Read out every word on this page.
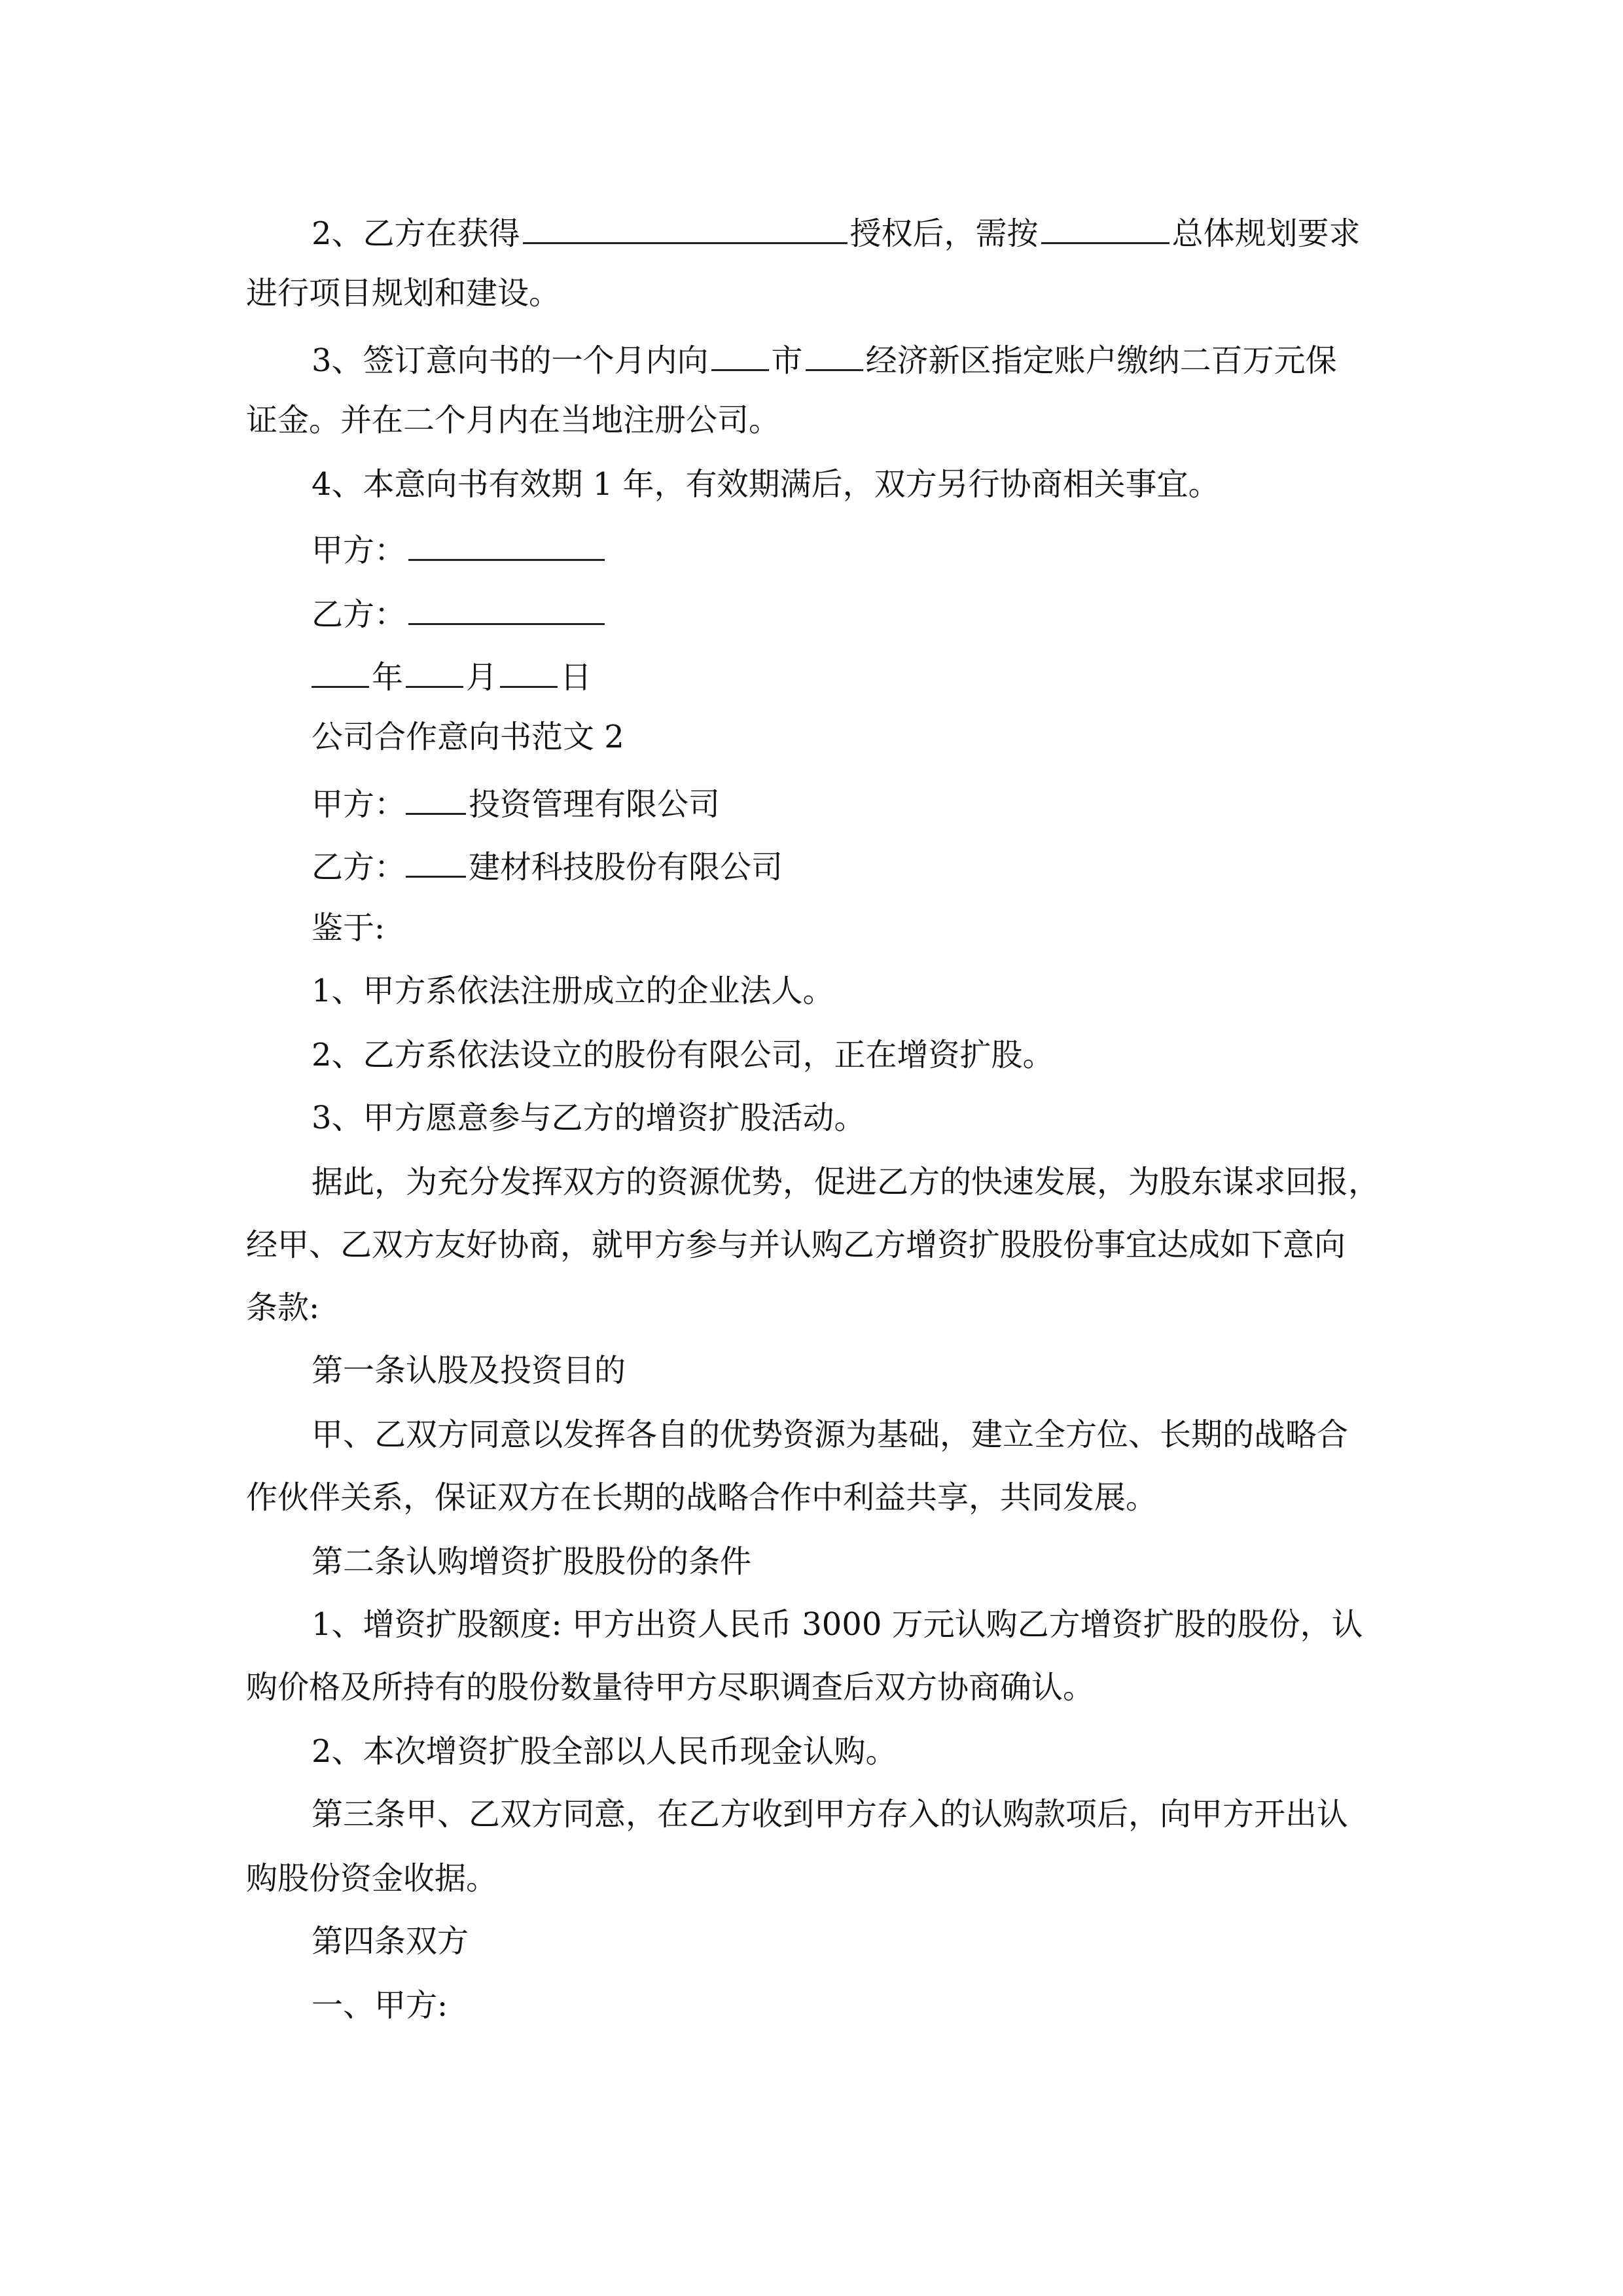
2、乙方在获得	授权后，需按	总体规划要求
进行项目规划和建设。
3、签订意向书的一个月内向 市 经济新区指定账户缴纳二百万元保
证金。并在二个月内在当地注册公司。
4、本意向书有效期 1 年，有效期满后，双方另行协商相关事宜。
甲方：
乙方：
年 月 日
公司合作意向书范文 2
甲方： 投资管理有限公司
乙方： 建材科技股份有限公司
鉴于:
1、甲方系依法注册成立的企业法人。
2、乙方系依法设立的股份有限公司，正在增资扩股。
3、甲方愿意参与乙方的增资扩股活动。
据此，为充分发挥双方的资源优势，促进乙方的快速发展，为股东谋求回报，
经甲、乙双方友好协商，就甲方参与并认购乙方增资扩股股份事宜达成如下意向
条款:
第一条认股及投资目的
甲、乙双方同意以发挥各自的优势资源为基础，建立全方位、长期的战略合
作伙伴关系，保证双方在长期的战略合作中利益共享，共同发展。
第二条认购增资扩股股份的条件
1、增资扩股额度: 甲方出资人民币 3000 万元认购乙方增资扩股的股份，认
购价格及所持有的股份数量待甲方尽职调查后双方协商确认。
2、本次增资扩股全部以人民币现金认购。
第三条甲、乙双方同意，在乙方收到甲方存入的认购款项后，向甲方开出认
购股份资金收据。
第四条双方
一、甲方:
